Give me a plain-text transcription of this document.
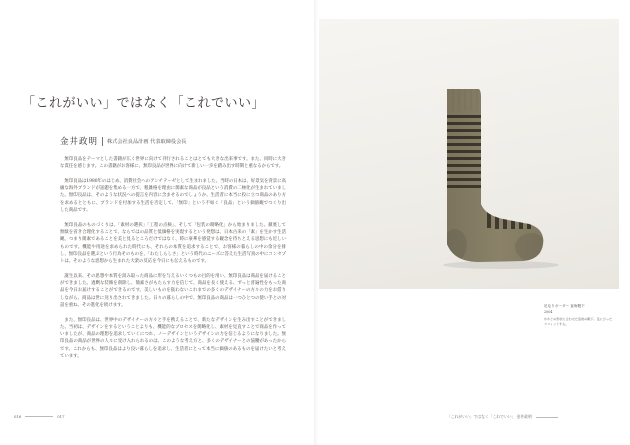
「これがいい」ではなく「これでいい」
金井政明 株式会社良品計画 代表取締役会長

無印良品をテーマとした書籍が広く世界に向けて刊行されることはとても大きな出来事です。また、同時に大きな責任を感じます。この書籍がお客様に、無印良品が世界に向けて新しい一歩を踏み出す時期と重なるからです。

無印良品は1980年のはじめ、消費社会へのアンチテーゼとして生まれました。当時の日本は、好景気を背景に高級な海外ブランドが話題を集める一方で、粗雑格を理由に簡素な商品が良品という消費の二極化が生まれていました。無印良品は、そのような状況への提言を内容に含ませるのでしょうか。生活者に本当に役に立つ商品のあり方を求めるとともに、ブランドを付加する生活を否定して、「無印」という不如く「良品」という価値観でつくり出した商品です。

無印良品のものづくりは、「素材の選択」「工程の点検」、そして「包装の簡略化」から始まりました。徹底して無駄を省き合理化することで、ならではの品質と低価格を実現するという発想は、日本古来の「素」を生かす生活観、つまり簡素であることを美と見るところだけではなく、時に豪華を感覚する観念を待ちとえる思想にも近しいものです。機能や用途を求められた時代にも、それらの本質を追求することで、お客様の暮らしの中の余分を排し、無印良品を選ぶという行為そのものを、「わたしらしさ」という時代のニーズに答えた生活写真の中にコンセプトは、そのような思想から生まれた大衆の反応を今日にも伝えるものです。

誕生以来、その思想や本質を汲み取った商品に形を与えるいくつもの目的を用い、無印良品は商品を届けることができました。過剰な装飾を削除し、簡素さがもたらす力を信じて、商品を長く使える、ずっと普遍性をもった商品を今日お届けすることができるのです。美しいものを扱わないこれまでの多くのデザイナーの方々の力をお借りしながら、商品は世に送り出されてきました。日々の暮らしの中で、無印良品の商品は一つひとつの使い手との対話を重ね、その進化を続けます。

また、無印良品は、世界中のデザイナーの方々と手を携えることで、新たなデザインを生み出すことができました。当初は、デザインをするということよりも、機能的なプロセスを簡略化し、素材を見直すことで商品を作っていましたが、商品の理想を追求していくにつれ、ノーデザインというデザインの力を信じるようになりました。無印良品の商品が世界の人々に受け入れられるのは、このような考え方と、多くのデザイナーとの協働があったからです。これからも、無印良品はより良い暮らしを追求し、生活者にとって本当に価値のあるものを届けたいと考えています。

016	017

足なりボーダー 直角靴下

2004

かかとの形状に合わせた直角の靴下。足にぴったりフィットする。

「これがいい」ではなく「これでいい」 金井政明
